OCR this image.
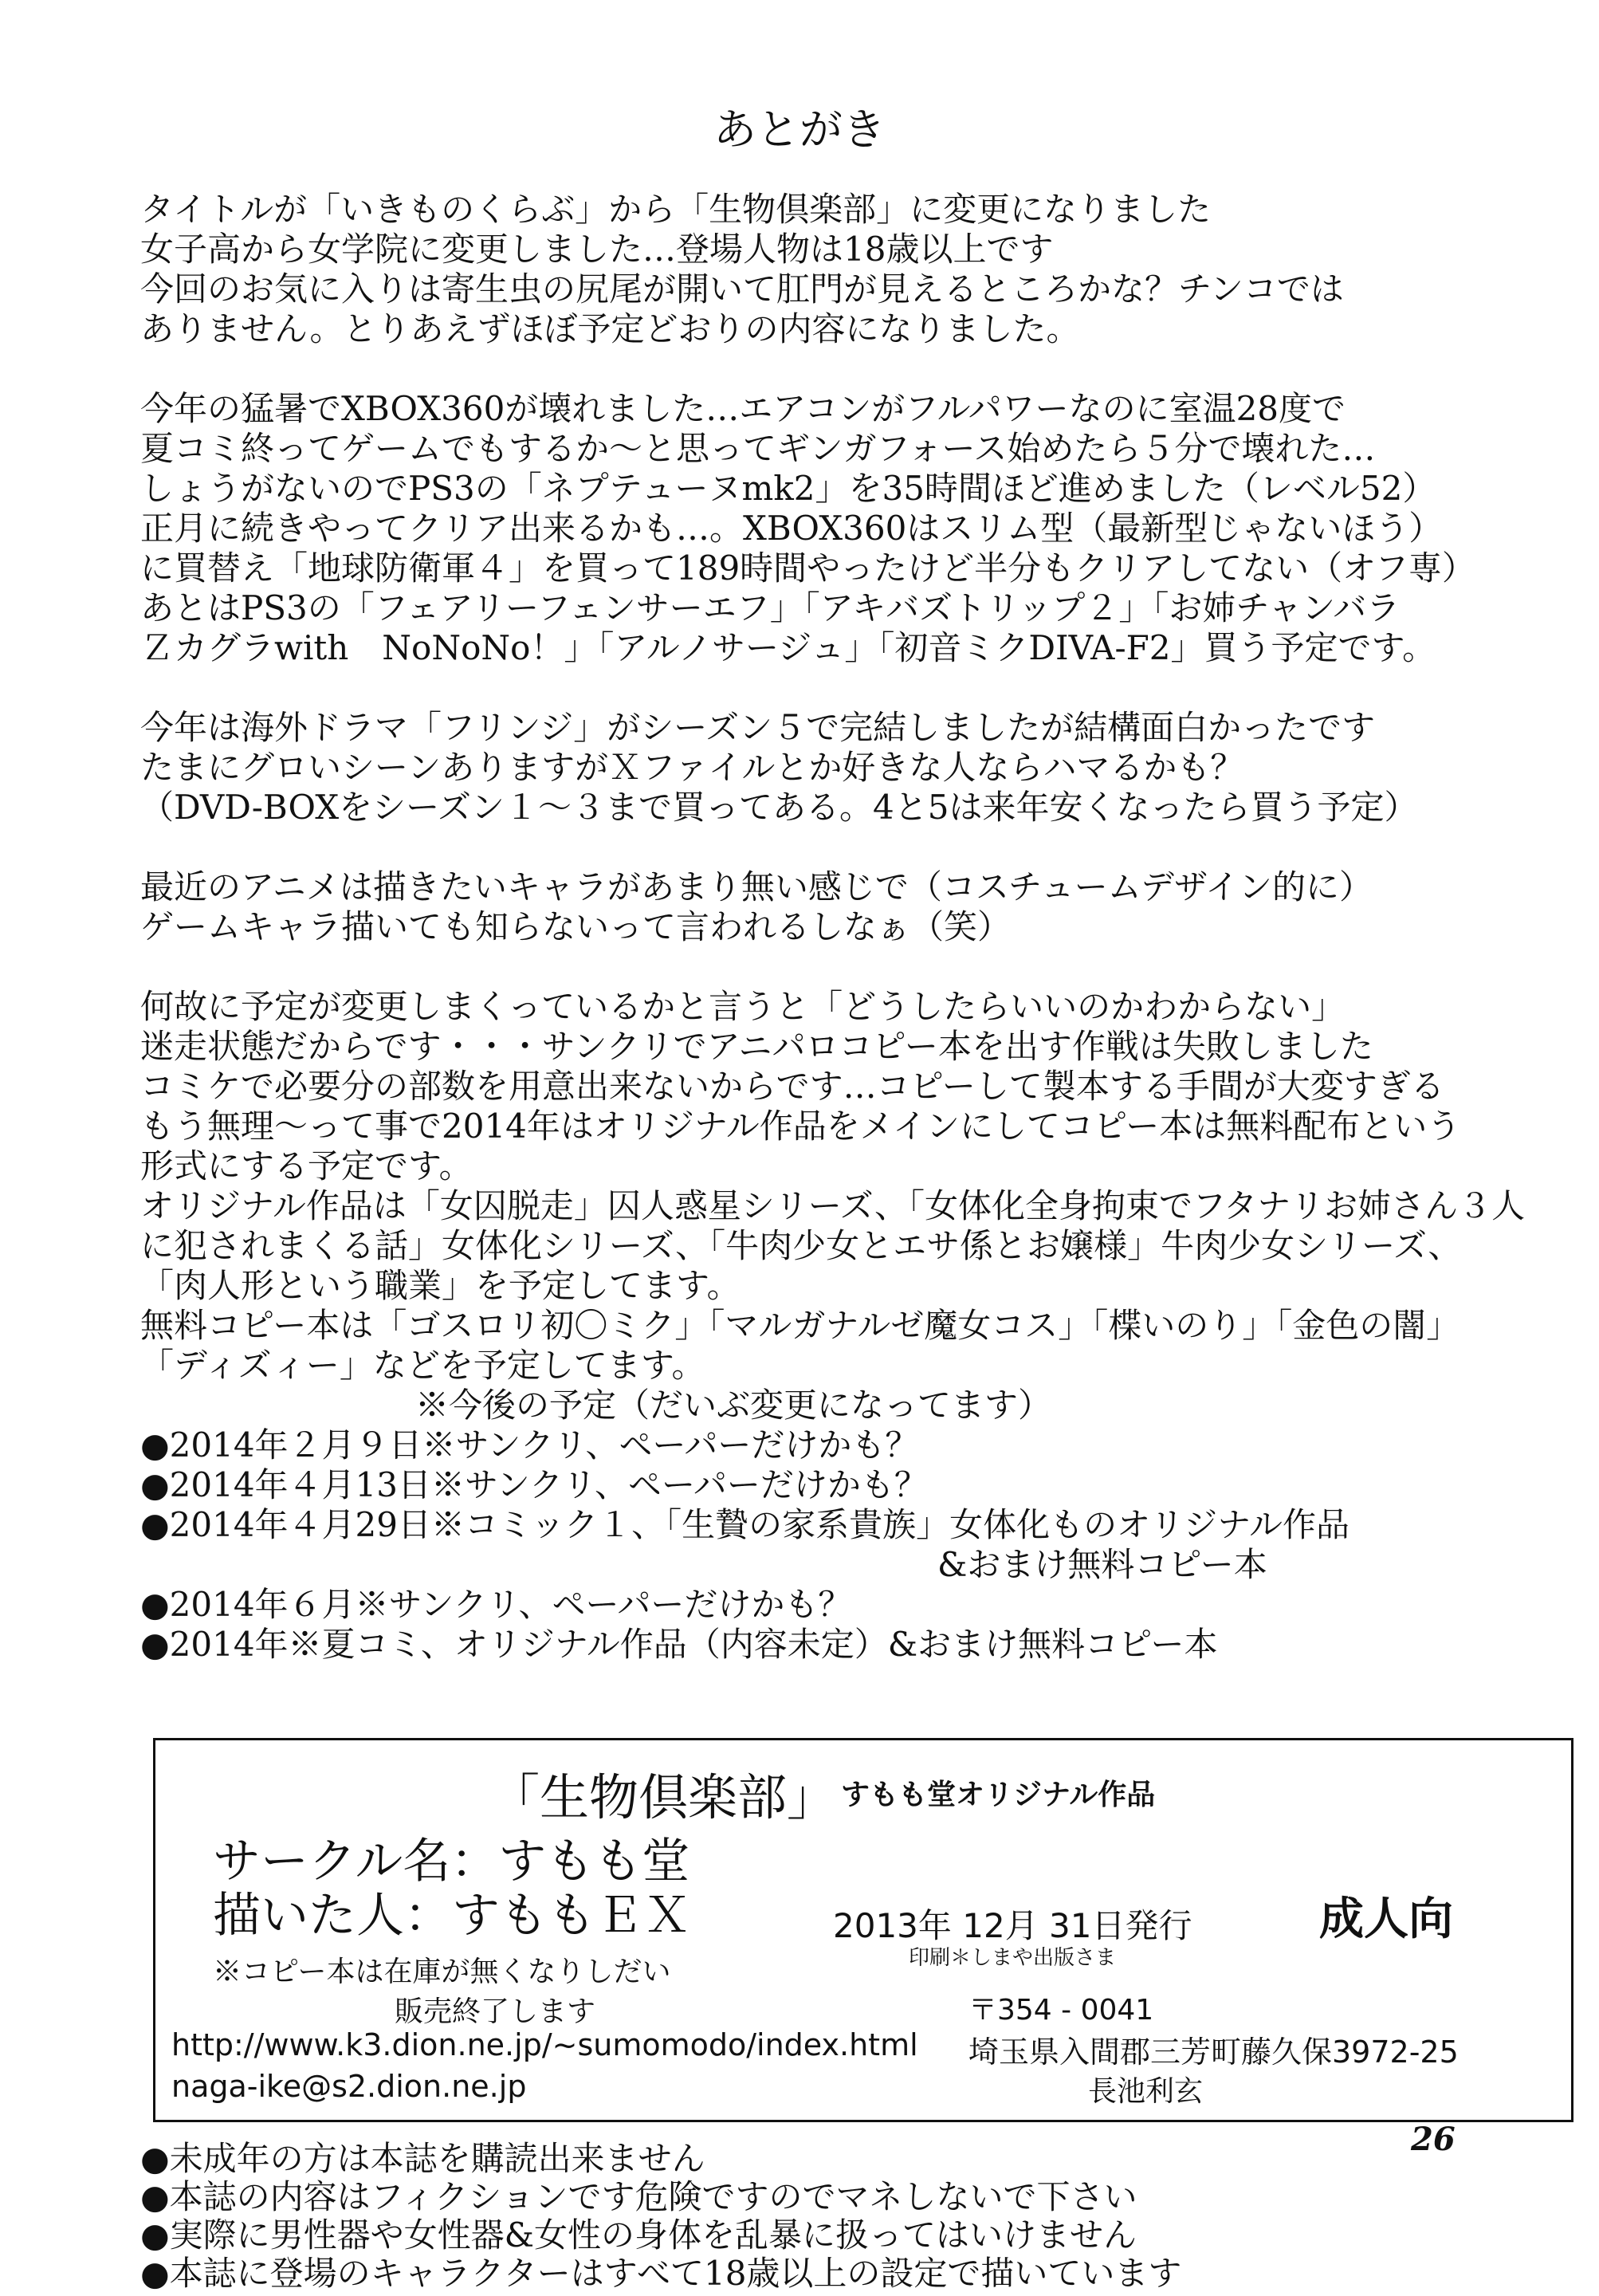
あとがき
タイトルが「いきものくらぶ」から「生物倶楽部」に変更になりました
女子高から女学院に変更しました…登場人物は18歳以上です
今回のお気に入りは寄生虫の尻尾が開いて肛門が見えるところかな？チンコでは
ありません。とりあえずほぼ予定どおりの内容になりました。
今年の猛暑でXBOX360が壊れました…エアコンがフルパワーなのに室温28度で
夏コミ終ってゲームでもするか～と思ってギンガフォース始めたら５分で壊れた…
しょうがないのでPS3の「ネプテューヌmk2」を35時間ほど進めました（レベル52）
正月に続きやってクリア出来るかも…。XBOX360はスリム型（最新型じゃないほう）
に買替え「地球防衛軍４」を買って189時間やったけど半分もクリアしてない（オフ専）
あとはPS3の「フェアリーフェンサーエフ」「アキバズトリップ２」「お姉チャンバラ
Ｚカグラwith　NoNoNo！」「アルノサージュ」「初音ミクDIVA-F2」買う予定です。
今年は海外ドラマ「フリンジ」がシーズン５で完結しましたが結構面白かったです
たまにグロいシーンありますがＸファイルとか好きな人ならハマるかも？
（DVD-BOXをシーズン１～３まで買ってある。4と5は来年安くなったら買う予定）
最近のアニメは描きたいキャラがあまり無い感じで（コスチュームデザイン的に）
ゲームキャラ描いても知らないって言われるしなぁ（笑）
何故に予定が変更しまくっているかと言うと「どうしたらいいのかわからない」
迷走状態だからです・・・サンクリでアニパロコピー本を出す作戦は失敗しました
コミケで必要分の部数を用意出来ないからです…コピーして製本する手間が大変すぎる
もう無理～って事で2014年はオリジナル作品をメインにしてコピー本は無料配布という
形式にする予定です。
オリジナル作品は「女囚脱走」囚人惑星シリーズ、「女体化全身拘束でフタナリお姉さん３人
に犯されまくる話」女体化シリーズ、「牛肉少女とエサ係とお嬢様」牛肉少女シリーズ、
「肉人形という職業」を予定してます。
無料コピー本は「ゴスロリ初〇ミク」「マルガナルゼ魔女コス」「楪いのり」「金色の闇」
「ディズィー」などを予定してます。
※今後の予定（だいぶ変更になってます）
●2014年２月９日※サンクリ、ペーパーだけかも？
●2014年４月13日※サンクリ、ペーパーだけかも？
●2014年４月29日※コミック１、「生贄の家系貴族」女体化ものオリジナル作品
&おまけ無料コピー本
●2014年６月※サンクリ、ペーパーだけかも？
●2014年※夏コミ、オリジナル作品（内容未定）&おまけ無料コピー本
「生物倶楽部」 すもも堂オリジナル作品
サークル名：すもも堂
描いた人：すももＥＸ	2013年 12月 31日発行
印刷＊しまや出版さま
成人向
※コピー本は在庫が無くなりしだい
販売終了します	〒354 - 0041
http://www.k3.dion.ne.jp/~sumomodo/index.html 埼玉県入間郡三芳町藤久保3972-25
naga-ike@s2.dion.ne.jp	長池利玄
26
●未成年の方は本誌を購読出来ません
●本誌の内容はフィクションです危険ですのでマネしないで下さい
●実際に男性器や女性器&女性の身体を乱暴に扱ってはいけません
●本誌に登場のキャラクターはすべて18歳以上の設定で描いています
